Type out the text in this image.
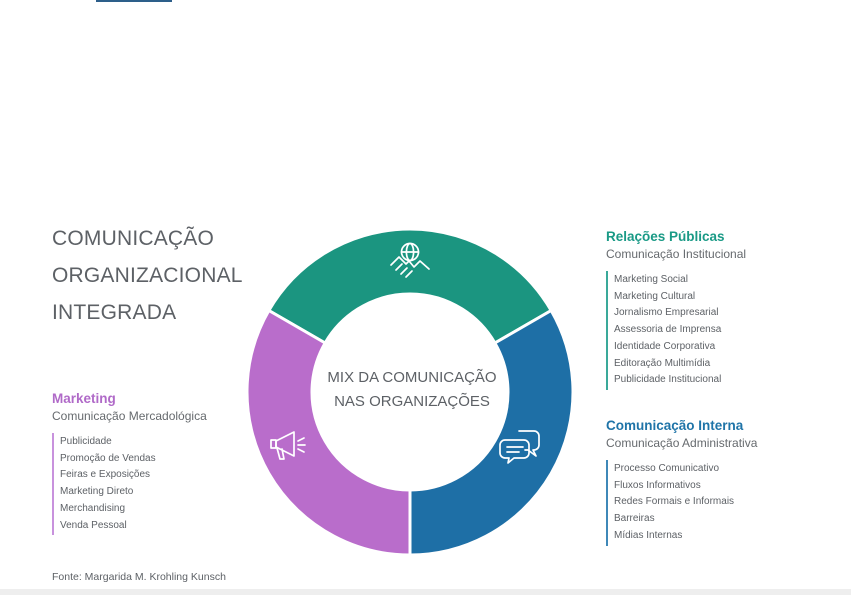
COMUNICAÇÃO
ORGANIZACIONAL
INTEGRADA
MIX DA COMUNICAÇÃO
NAS ORGANIZAÇÕES
Marketing
Comunicação Mercadológica
Publicidade
Promoção de Vendas
Feiras e Exposições
Marketing Direto
Merchandising
Venda Pessoal
Relações Públicas
Comunicação Institucional
Marketing Social
Marketing Cultural
Jornalismo Empresarial
Assessoria de Imprensa
Identidade Corporativa
Editoração Multimídia
Publicidade Institucional
Comunicação Interna
Comunicação Administrativa
Processo Comunicativo
Fluxos Informativos
Redes Formais e Informais
Barreiras
Mídias Internas
Fonte: Margarida M. Krohling Kunsch
